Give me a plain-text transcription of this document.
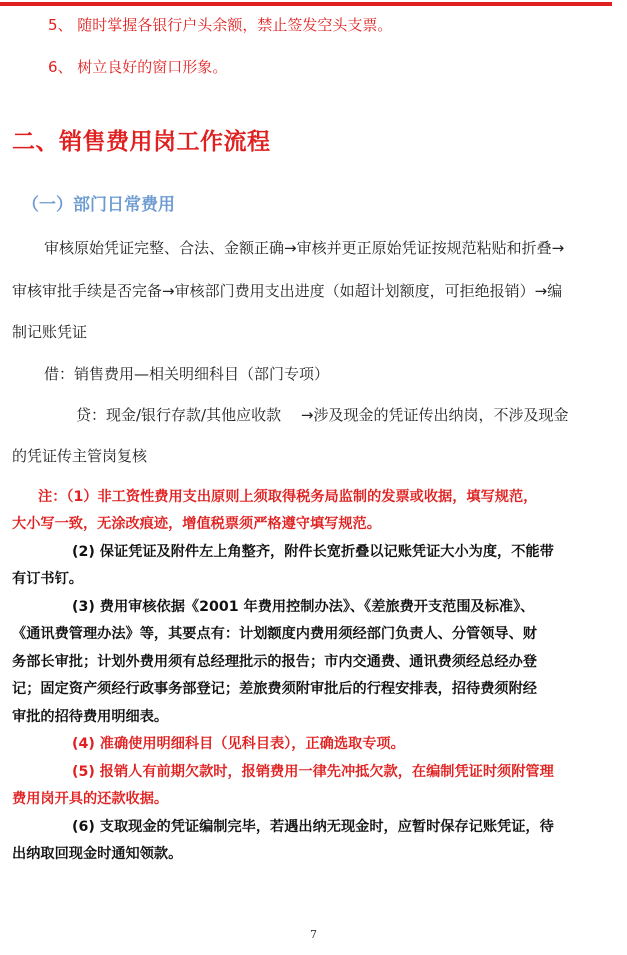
5、 随时掌握各银行户头余额，禁止签发空头支票。
6、 树立良好的窗口形象。
二、销售费用岗工作流程
（一）部门日常费用
审核原始凭证完整、合法、金额正确→审核并更正原始凭证按规范粘贴和折叠→
审核审批手续是否完备→审核部门费用支出进度（如超计划额度，可拒绝报销）→编
制记账凭证
借：销售费用—相关明细科目（部门专项）
贷：现金/银行存款/其他应收款　 →涉及现金的凭证传出纳岗，不涉及现金
的凭证传主管岗复核
注：（1）非工资性费用支出原则上须取得税务局监制的发票或收据，填写规范，
大小写一致，无涂改痕迹，增值税票须严格遵守填写规范。
(2) 保证凭证及附件左上角整齐，附件长宽折叠以记账凭证大小为度，不能带
有订书钉。
(3) 费用审核依据《2001 年费用控制办法》、《差旅费开支范围及标准》、
《通讯费管理办法》等，其要点有：计划额度内费用须经部门负责人、分管领导、财
务部长审批；计划外费用须有总经理批示的报告；市内交通费、通讯费须经总经办登
记；固定资产须经行政事务部登记；差旅费须附审批后的行程安排表，招待费须附经
审批的招待费用明细表。
(4) 准确使用明细科目（见科目表），正确选取专项。
(5) 报销人有前期欠款时，报销费用一律先冲抵欠款，在编制凭证时须附管理
费用岗开具的还款收据。
(6) 支取现金的凭证编制完毕，若遇出纳无现金时，应暂时保存记账凭证，待
出纳取回现金时通知领款。
7
